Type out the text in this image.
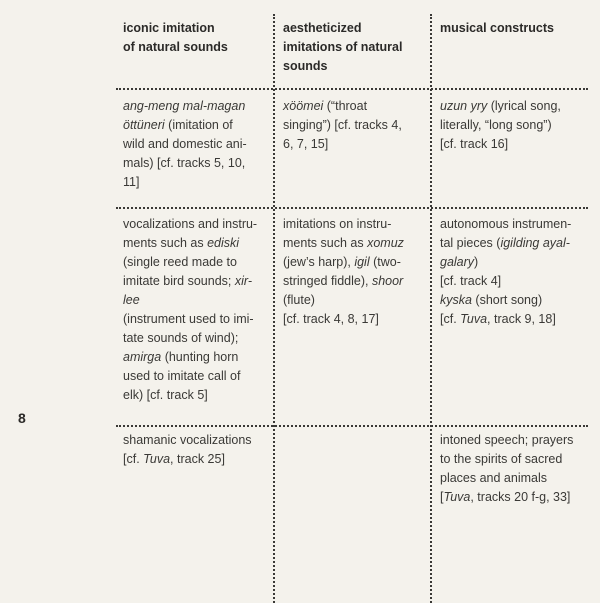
8
iconic imitation
of natural sounds
aestheticized
imitations of natural
sounds
musical constructs
ang-meng mal-magan
öttüneri (imitation of
wild and domestic ani-
mals) [cf. tracks 5, 10,
11]
xöömei (“throat
singing”) [cf. tracks 4,
6, 7, 15]
uzun yry (lyrical song,
literally, “long song”)
[cf. track 16]
vocalizations and instru-
ments such as ediski
(single reed made to
imitate bird sounds; xir-
lee
(instrument used to imi-
tate sounds of wind);
amirga (hunting horn
used to imitate call of
elk) [cf. track 5]
imitations on instru-
ments such as xomuz
(jew’s harp), igil (two-
stringed fiddle), shoor
(flute)
[cf. track 4, 8, 17]
autonomous instrumen-
tal pieces (igilding ayal-
galary)
[cf. track 4]
kyska (short song)
[cf. Tuva, track 9, 18]
shamanic vocalizations
[cf. Tuva, track 25]
intoned speech; prayers
to the spirits of sacred
places and animals
[Tuva, tracks 20 f-g, 33]
